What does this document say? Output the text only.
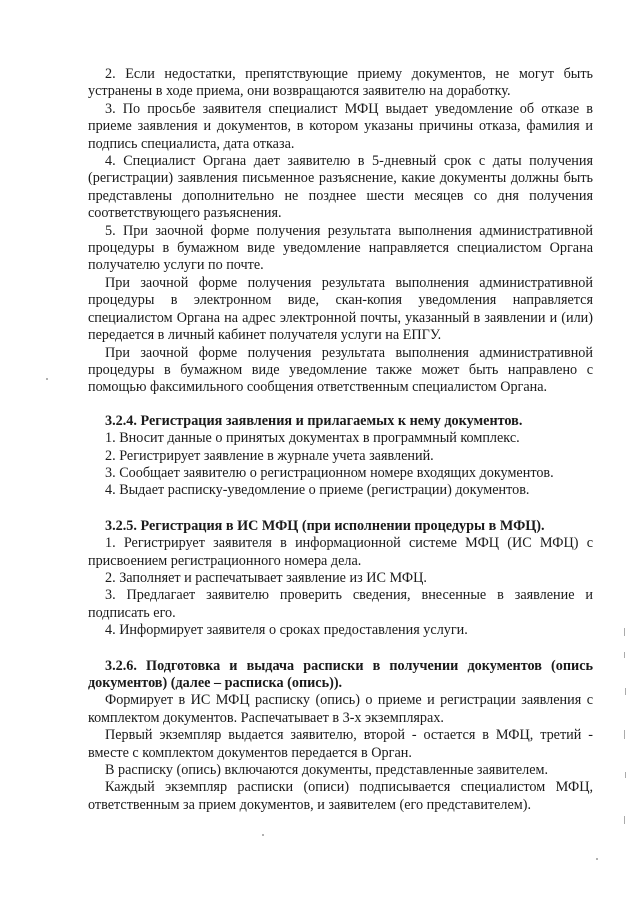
2. Если недостатки, препятствующие приему документов, не могут быть устранены в ходе приема, они возвращаются заявителю на доработку.

3. По просьбе заявителя специалист МФЦ выдает уведомление об отказе в приеме заявления и документов, в котором указаны причины отказа, фамилия и подпись специалиста, дата отказа.

4. Специалист Органа дает заявителю в 5-дневный срок с даты получения (регистрации) заявления письменное разъяснение, какие документы должны быть представлены дополнительно не позднее шести месяцев со дня получения соответствующего разъяснения.

5. При заочной форме получения результата выполнения административной процедуры в бумажном виде уведомление направляется специалистом Органа получателю услуги по почте.

При заочной форме получения результата выполнения административной процедуры в электронном виде, скан-копия уведомления направляется специалистом Органа на адрес электронной почты, указанный в заявлении и (или) передается в личный кабинет получателя услуги на ЕПГУ.

При заочной форме получения результата выполнения административной процедуры в бумажном виде уведомление также может быть направлено с помощью факсимильного сообщения ответственным специалистом Органа.

3.2.4. Регистрация заявления и прилагаемых к нему документов.

1. Вносит данные о принятых документах в программный комплекс.

2. Регистрирует заявление в журнале учета заявлений.

3. Сообщает заявителю о регистрационном номере входящих документов.

4. Выдает расписку-уведомление о приеме (регистрации) документов.

3.2.5. Регистрация в ИС МФЦ (при исполнении процедуры в МФЦ).

1. Регистрирует заявителя в информационной системе МФЦ (ИС МФЦ) с присвоением регистрационного номера дела.

2. Заполняет и распечатывает заявление из ИС МФЦ.

3. Предлагает заявителю проверить сведения, внесенные в заявление и подписать его.

4. Информирует заявителя о сроках предоставления услуги.

3.2.6. Подготовка и выдача расписки в получении документов (опись документов) (далее – расписка (опись)).

Формирует в ИС МФЦ расписку (опись) о приеме и регистрации заявления с комплектом документов. Распечатывает в 3-х экземплярах.

Первый экземпляр выдается заявителю, второй - остается в МФЦ, третий - вместе с комплектом документов передается в Орган.

В расписку (опись) включаются документы, представленные заявителем.

Каждый экземпляр расписки (описи) подписывается специалистом МФЦ, ответственным за прием документов, и заявителем (его представителем).
